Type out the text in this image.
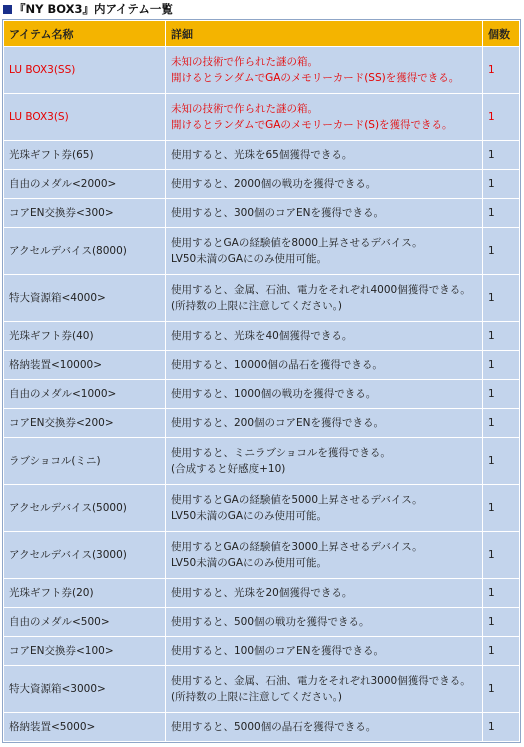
『NY BOX3』内アイテム一覧
アイテム名称	詳細	個数
LU BOX3(SS)	未知の技術で作られた謎の箱。
開けるとランダムでGAのメモリーカード(SS)を獲得できる。	1
LU BOX3(S)	未知の技術で作られた謎の箱。
開けるとランダムでGAのメモリーカード(S)を獲得できる。	1
光珠ギフト券(65)	使用すると、光珠を65個獲得できる。	1
自由のメダル<2000>	使用すると、2000個の戦功を獲得できる。	1
コアEN交換券<300>	使用すると、300個のコアENを獲得できる。	1
アクセルデバイス(8000)	使用するとGAの経験値を8000上昇させるデバイス。
LV50未満のGAにのみ使用可能。	1
特大資源箱<4000>	使用すると、金属、石油、電力をそれぞれ4000個獲得できる。
(所持数の上限に注意してください。)	1
光珠ギフト券(40)	使用すると、光珠を40個獲得できる。	1
格納装置<10000>	使用すると、10000個の晶石を獲得できる。	1
自由のメダル<1000>	使用すると、1000個の戦功を獲得できる。	1
コアEN交換券<200>	使用すると、200個のコアENを獲得できる。	1
ラブショコル(ミニ)	使用すると、ミニラブショコルを獲得できる。
(合成すると好感度+10)	1
アクセルデバイス(5000)	使用するとGAの経験値を5000上昇させるデバイス。
LV50未満のGAにのみ使用可能。	1
アクセルデバイス(3000)	使用するとGAの経験値を3000上昇させるデバイス。
LV50未満のGAにのみ使用可能。	1
光珠ギフト券(20)	使用すると、光珠を20個獲得できる。	1
自由のメダル<500>	使用すると、500個の戦功を獲得できる。	1
コアEN交換券<100>	使用すると、100個のコアENを獲得できる。	1
特大資源箱<3000>	使用すると、金属、石油、電力をそれぞれ3000個獲得できる。
(所持数の上限に注意してください。)	1
格納装置<5000>	使用すると、5000個の晶石を獲得できる。	1
